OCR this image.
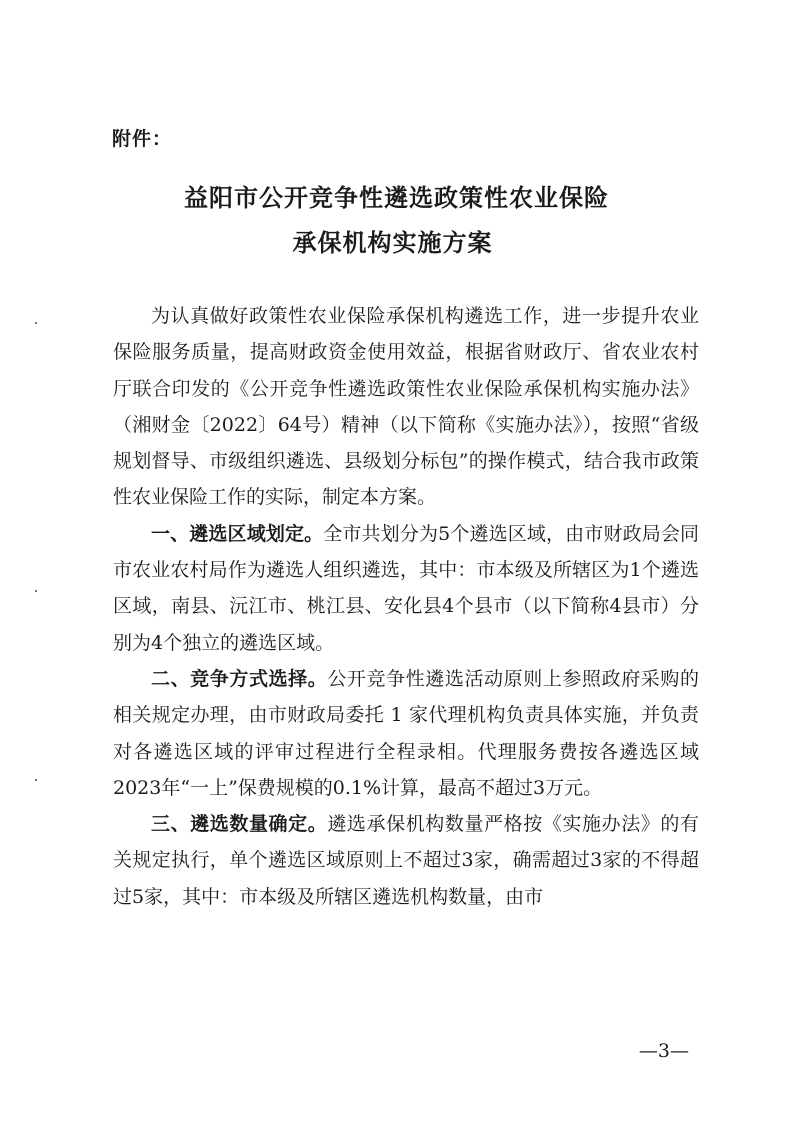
附件：
益阳市公开竞争性遴选政策性农业保险
承保机构实施方案

为认真做好政策性农业保险承保机构遴选工作，进一步提升农业保险服务质量，提高财政资金使用效益，根据省财政厅、省农业农村厅联合印发的《公开竞争性遴选政策性农业保险承保机构实施办法》（湘财金〔2022〕64号）精神（以下简称《实施办法》），按照“省级规划督导、市级组织遴选、县级划分标包”的操作模式，结合我市政策性农业保险工作的实际，制定本方案。

一、遴选区域划定。全市共划分为5个遴选区域，由市财政局会同市农业农村局作为遴选人组织遴选，其中：市本级及所辖区为1个遴选区域，南县、沅江市、桃江县、安化县4个县市（以下简称4县市）分别为4个独立的遴选区域。

二、竞争方式选择。公开竞争性遴选活动原则上参照政府采购的相关规定办理，由市财政局委托 1 家代理机构负责具体实施，并负责对各遴选区域的评审过程进行全程录相。代理服务费按各遴选区域2023年“一上”保费规模的0.1%计算，最高不超过3万元。

三、遴选数量确定。遴选承保机构数量严格按《实施办法》的有关规定执行，单个遴选区域原则上不超过3家，确需超过3家的不得超过5家，其中：市本级及所辖区遴选机构数量，由市

—3—
